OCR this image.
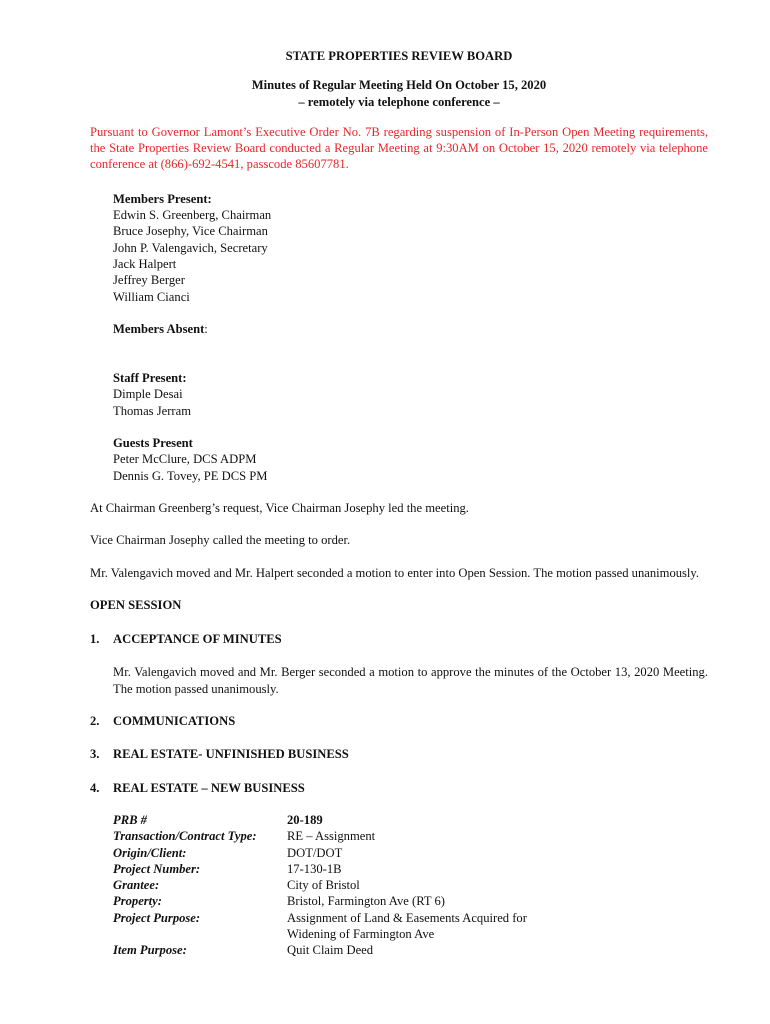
STATE PROPERTIES REVIEW BOARD
Minutes of Regular Meeting Held On October 15, 2020
– remotely via telephone conference –
Pursuant to Governor Lamont’s Executive Order No. 7B regarding suspension of In-Person Open Meeting requirements, the State Properties Review Board conducted a Regular Meeting at 9:30AM on October 15, 2020 remotely via telephone conference at (866)-692-4541, passcode 85607781.
Members Present:
Edwin S. Greenberg, Chairman
Bruce Josephy, Vice Chairman
John P. Valengavich, Secretary
Jack Halpert
Jeffrey Berger
William Cianci
Members Absent:
Staff Present:
Dimple Desai
Thomas Jerram
Guests Present
Peter McClure, DCS ADPM
Dennis G. Tovey, PE DCS PM

At Chairman Greenberg’s request, Vice Chairman Josephy led the meeting.

Vice Chairman Josephy called the meeting to order.

Mr. Valengavich moved and Mr. Halpert seconded a motion to enter into Open Session. The motion passed unanimously.

OPEN SESSION
1.	ACCEPTANCE OF MINUTES
Mr. Valengavich moved and Mr. Berger seconded a motion to approve the minutes of the October 13, 2020 Meeting. The motion passed unanimously.
2.	COMMUNICATIONS
3.	REAL ESTATE- UNFINISHED BUSINESS
4.	REAL ESTATE – NEW BUSINESS
PRB #	20-189
Transaction/Contract Type:	RE – Assignment
Origin/Client:	DOT/DOT
Project Number:	17-130-1B
Grantee:	City of Bristol
Property:	Bristol, Farmington Ave (RT 6)
Project Purpose:	Assignment of Land & Easements Acquired for Widening of Farmington Ave
Item Purpose:	Quit Claim Deed
